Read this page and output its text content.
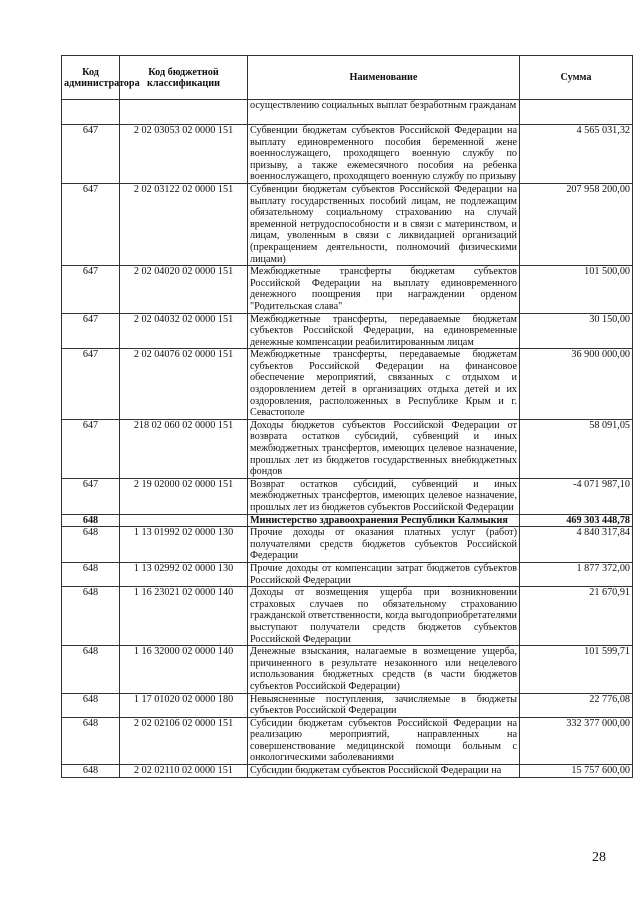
Код администратора	Код бюджетной классификации	Наименование	Сумма
		осуществлению социальных выплат безработным гражданам	
647	2 02 03053 02 0000 151	Субвенции бюджетам субъектов Российской Федерации на выплату единовременного пособия беременной жене военнослужащего, проходящего военную службу по призыву, а также ежемесячного пособия на ребенка военнослужащего, проходящего военную службу по призыву	4 565 031,32
647	2 02 03122 02 0000 151	Субвенции бюджетам субъектов Российской Федерации на выплату государственных пособий лицам, не подлежащим обязательному социальному страхованию на случай временной нетрудоспособности и в связи с материнством, и лицам, уволенным в связи с ликвидацией организаций (прекращением деятельности, полномочий физическими лицами)	207 958 200,00
647	2 02 04020 02 0000 151	Межбюджетные трансферты бюджетам субъектов Российской Федерации на выплату единовременного денежного поощрения при награждении орденом "Родительская слава"	101 500,00
647	2 02 04032 02 0000 151	Межбюджетные трансферты, передаваемые бюджетам субъектов Российской Федерации, на единовременные денежные компенсации реабилитированным лицам	30 150,00
647	2 02 04076 02 0000 151	Межбюджетные трансферты, передаваемые бюджетам субъектов Российской Федерации на финансовое обеспечение мероприятий, связанных с отдыхом и оздоровлением детей в организациях отдыха детей и их оздоровления, расположенных в Республике Крым и г. Севастополе	36 900 000,00
647	218 02 060 02 0000 151	Доходы бюджетов субъектов Российской Федерации от возврата остатков субсидий, субвенций и иных межбюджетных трансфертов, имеющих целевое назначение, прошлых лет из бюджетов государственных внебюджетных фондов	58 091,05
647	2 19 02000 02 0000 151	Возврат остатков субсидий, субвенций и иных межбюджетных трансфертов, имеющих целевое назначение, прошлых лет из бюджетов субъектов Российской Федерации	-4 071 987,10
648		Министерство здравоохранения Республики Калмыкия	469 303 448,78
648	1 13 01992 02 0000 130	Прочие доходы от оказания платных услуг (работ) получателями средств бюджетов субъектов Российской Федерации	4 840 317,84
648	1 13 02992 02 0000 130	Прочие доходы от компенсации затрат бюджетов субъектов Российской Федерации	1 877 372,00
648	1 16 23021 02 0000 140	Доходы от возмещения ущерба при возникновении страховых случаев по обязательному страхованию гражданской ответственности, когда выгодоприобретателями выступают получатели средств бюджетов субъектов Российской Федерации	21 670,91
648	1 16 32000 02 0000 140	Денежные взыскания, налагаемые в возмещение ущерба, причиненного в результате незаконного или нецелевого использования бюджетных средств (в части бюджетов субъектов Российской Федерации)	101 599,71
648	1 17 01020 02 0000 180	Невыясненные поступления, зачисляемые в бюджеты субъектов Российской Федерации	22 776,08
648	2 02 02106 02 0000 151	Субсидии бюджетам субъектов Российской Федерации на реализацию мероприятий, направленных на совершенствование медицинской помощи больным с онкологическими заболеваниями	332 377 000,00
648	2 02 02110 02 0000 151	Субсидии бюджетам субъектов Российской Федерации на	15 757 600,00
28
